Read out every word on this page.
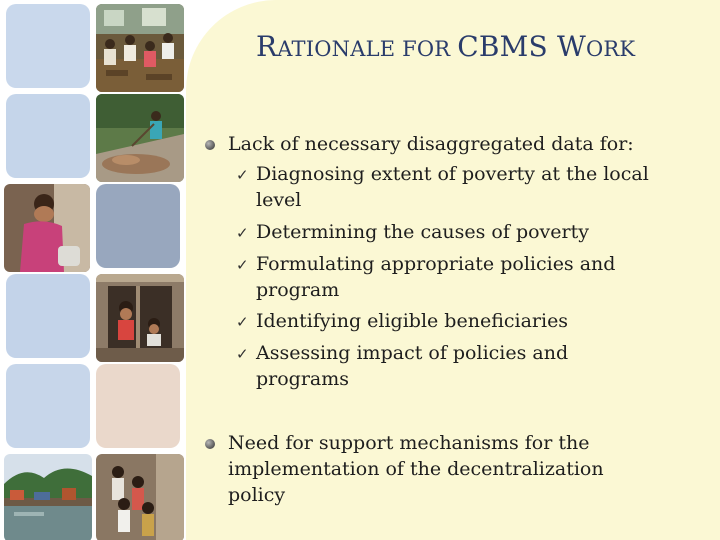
RATIONALE FOR CBMS WORK
Lack of necessary disaggregated data for:
✓ Diagnosing extent of poverty at the local
level
✓ Determining the causes of poverty
✓ Formulating appropriate policies and
program
✓ Identifying eligible beneficiaries
✓ Assessing impact of policies and
programs
Need for support mechanisms for the
implementation of the decentralization
policy
